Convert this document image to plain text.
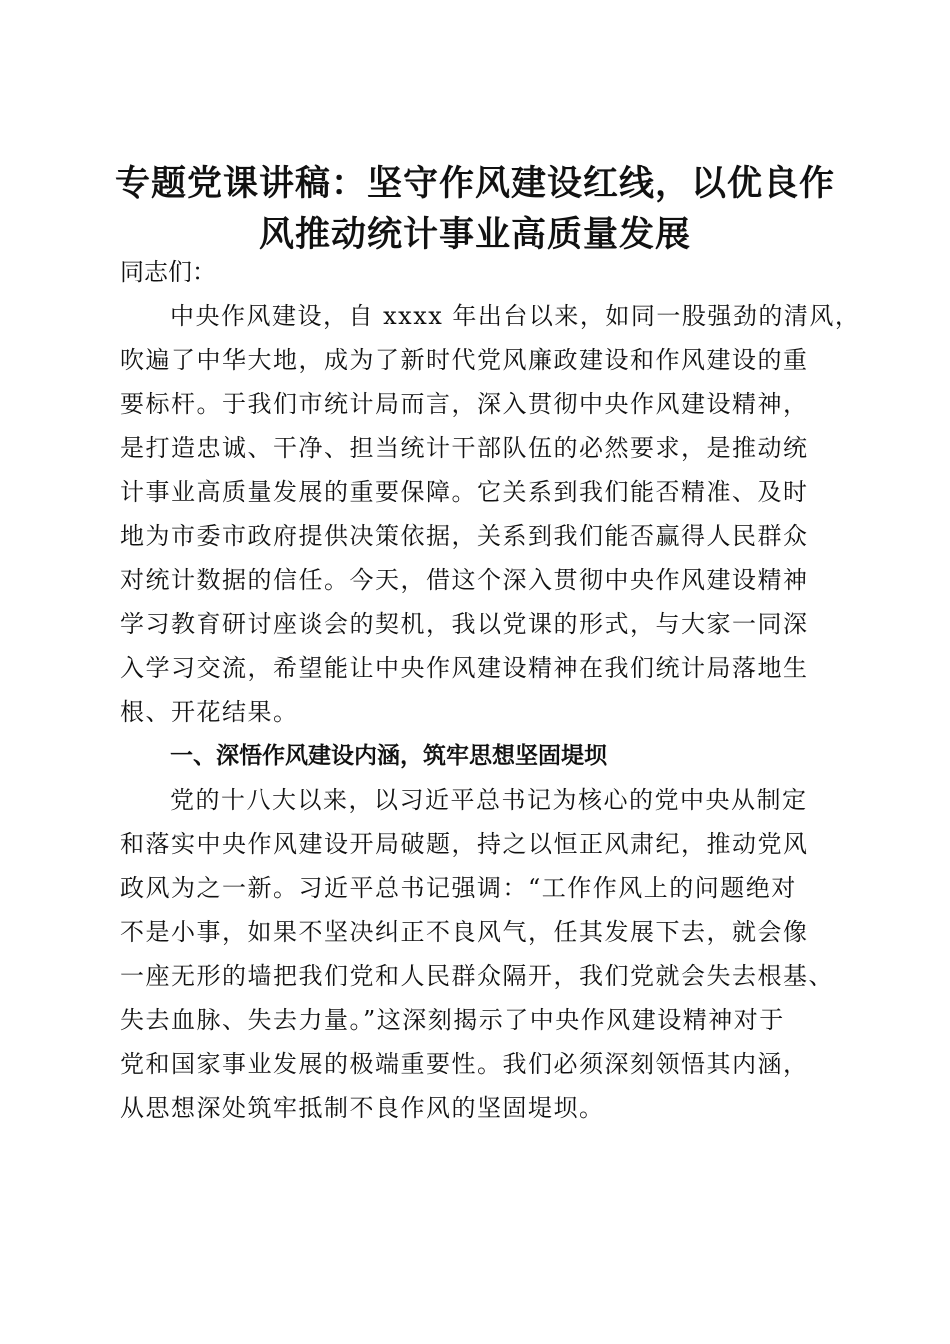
专题党课讲稿：坚守作风建设红线，以优良作
风推动统计事业高质量发展

同志们：

中央作风建设，自 xxxx 年出台以来，如同一股强劲的清风，
吹遍了中华大地，成为了新时代党风廉政建设和作风建设的重
要标杆。于我们市统计局而言，深入贯彻中央作风建设精神，
是打造忠诚、干净、担当统计干部队伍的必然要求，是推动统
计事业高质量发展的重要保障。它关系到我们能否精准、及时
地为市委市政府提供决策依据，关系到我们能否赢得人民群众
对统计数据的信任。今天，借这个深入贯彻中央作风建设精神
学习教育研讨座谈会的契机，我以党课的形式，与大家一同深
入学习交流，希望能让中央作风建设精神在我们统计局落地生
根、开花结果。
一、深悟作风建设内涵，筑牢思想坚固堤坝
党的十八大以来，以习近平总书记为核心的党中央从制定
和落实中央作风建设开局破题，持之以恒正风肃纪，推动党风
政风为之一新。习近平总书记强调：“工作作风上的问题绝对
不是小事，如果不坚决纠正不良风气，任其发展下去，就会像
一座无形的墙把我们党和人民群众隔开，我们党就会失去根基、
失去血脉、失去力量。”这深刻揭示了中央作风建设精神对于
党和国家事业发展的极端重要性。我们必须深刻领悟其内涵，
从思想深处筑牢抵制不良作风的坚固堤坝。
